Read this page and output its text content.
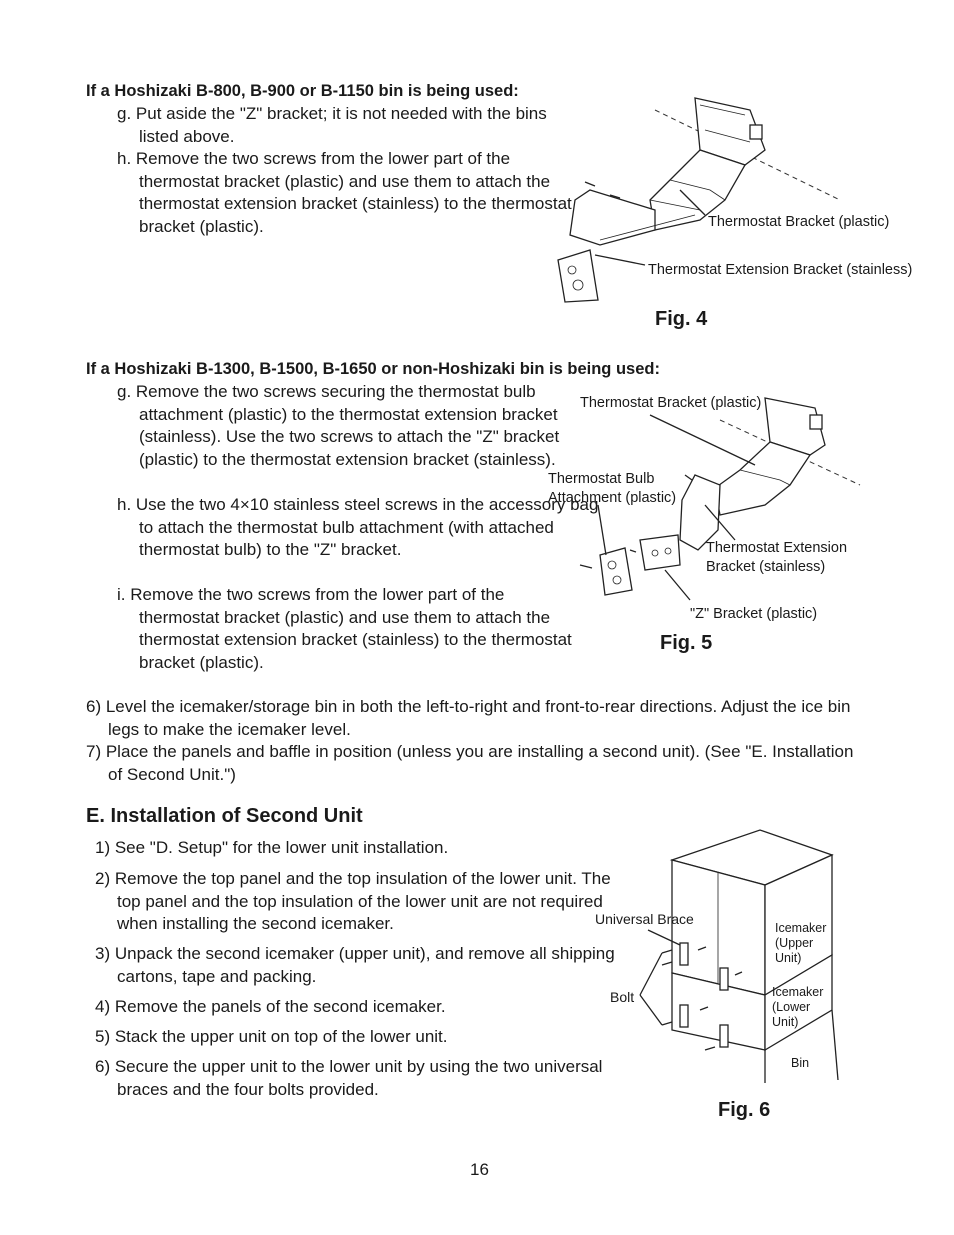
If a Hoshizaki B-800, B-900 or B-1150 bin is being used:
g. Put aside the "Z" bracket; it is not needed with the bins listed above.
h. Remove the two screws from the lower part of the thermostat bracket (plastic) and use them to attach the thermostat extension bracket (stainless) to the thermostat bracket (plastic).	Thermostat Bracket (plastic)
Thermostat Extension Bracket (stainless)
Fig. 4
If a Hoshizaki B-1300, B-1500, B-1650 or non-Hoshizaki bin is being used:
g. Remove the two screws securing the thermostat bulb attachment (plastic) to the thermostat extension bracket (stainless). Use the two screws to attach the "Z" bracket (plastic) to the thermostat extension bracket (stainless).
h. Use the two 4×10 stainless steel screws in the accessory bag to attach the thermostat bulb attachment (with attached thermostat bulb) to the "Z" bracket.
i. Remove the two screws from the lower part of the thermostat bracket (plastic) and use them to attach the thermostat extension bracket (stainless) to the thermostat bracket (plastic).
Thermostat Bracket (plastic)
Thermostat Bulb Attachment (plastic)
Thermostat Extension Bracket (stainless)
"Z" Bracket (plastic)
Fig. 5
6) Level the icemaker/storage bin in both the left-to-right and front-to-rear directions. Adjust the ice bin legs to make the icemaker level.
7) Place the panels and baffle in position (unless you are installing a second unit). (See "E. Installation of Second Unit.")
E. Installation of Second Unit
1) See "D. Setup" for the lower unit installation.
2) Remove the top panel and the top insulation of the lower unit. The top panel and the top insulation of the lower unit are not required when installing the second icemaker.
3) Unpack the second icemaker (upper unit), and remove all shipping cartons, tape and packing.
4) Remove the panels of the second icemaker.
5) Stack the upper unit on top of the lower unit.
6) Secure the upper unit to the lower unit by using the two universal braces and the four bolts provided.
Universal Brace
Bolt
Icemaker (Upper Unit)
Icemaker (Lower Unit)
Bin
Fig. 6
16
